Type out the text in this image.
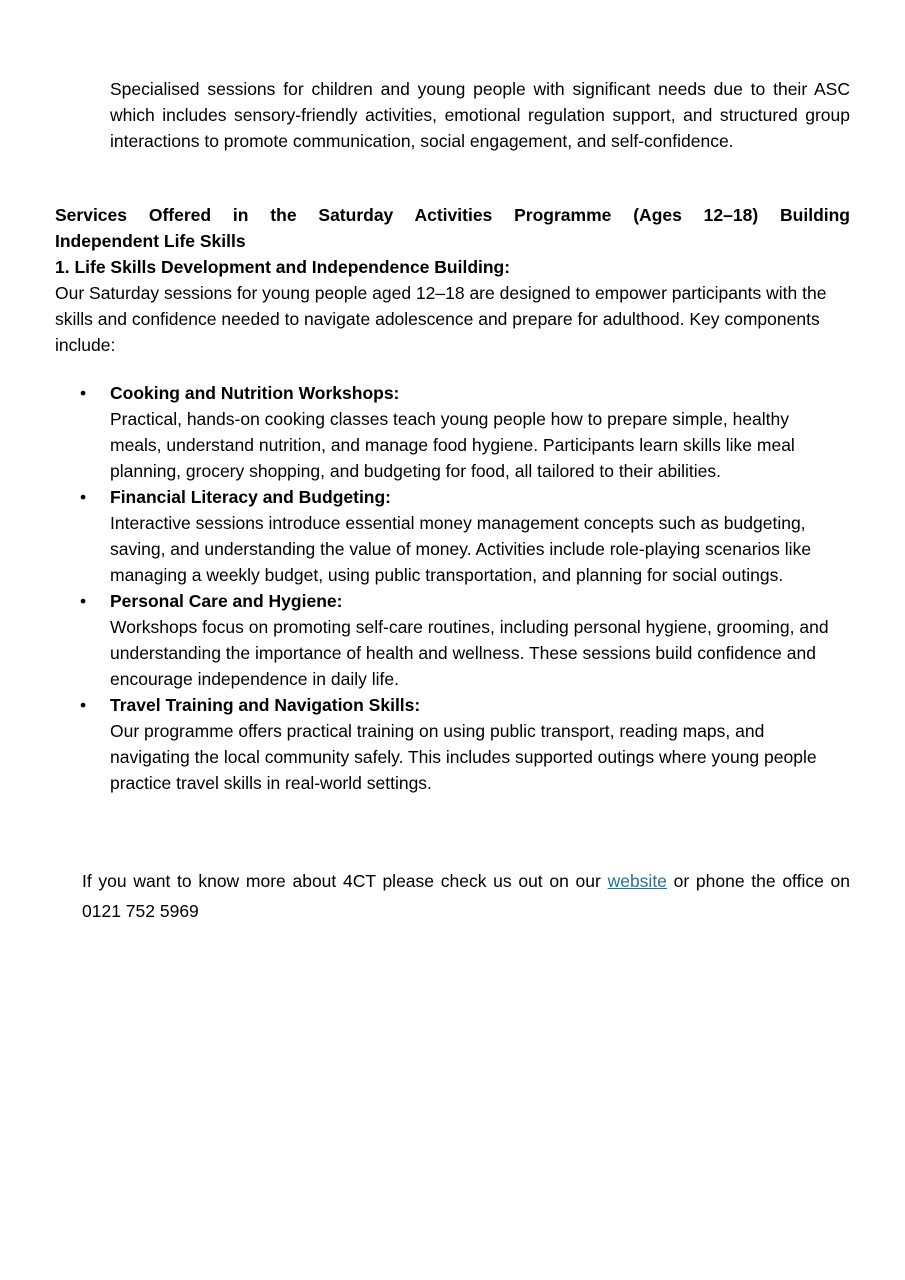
Specialised sessions for children and young people with significant needs due to their ASC which includes sensory-friendly activities, emotional regulation support, and structured group interactions to promote communication, social engagement, and self-confidence.

Services Offered in the Saturday Activities Programme (Ages 12–18) Building
Independent Life Skills
1. Life Skills Development and Independence Building:

Our Saturday sessions for young people aged 12–18 are designed to empower participants with the skills and confidence needed to navigate adolescence and prepare for adulthood. Key components include:

• Cooking and Nutrition Workshops:
Practical, hands-on cooking classes teach young people how to prepare simple, healthy meals, understand nutrition, and manage food hygiene. Participants learn skills like meal planning, grocery shopping, and budgeting for food, all tailored to their abilities.
• Financial Literacy and Budgeting:
Interactive sessions introduce essential money management concepts such as budgeting, saving, and understanding the value of money. Activities include role-playing scenarios like managing a weekly budget, using public transportation, and planning for social outings.
• Personal Care and Hygiene:
Workshops focus on promoting self-care routines, including personal hygiene, grooming, and understanding the importance of health and wellness. These sessions build confidence and encourage independence in daily life.
• Travel Training and Navigation Skills:
Our programme offers practical training on using public transport, reading maps, and navigating the local community safely. This includes supported outings where young people practice travel skills in real-world settings.

If you want to know more about 4CT please check us out on our website or phone the office on 0121 752 5969
